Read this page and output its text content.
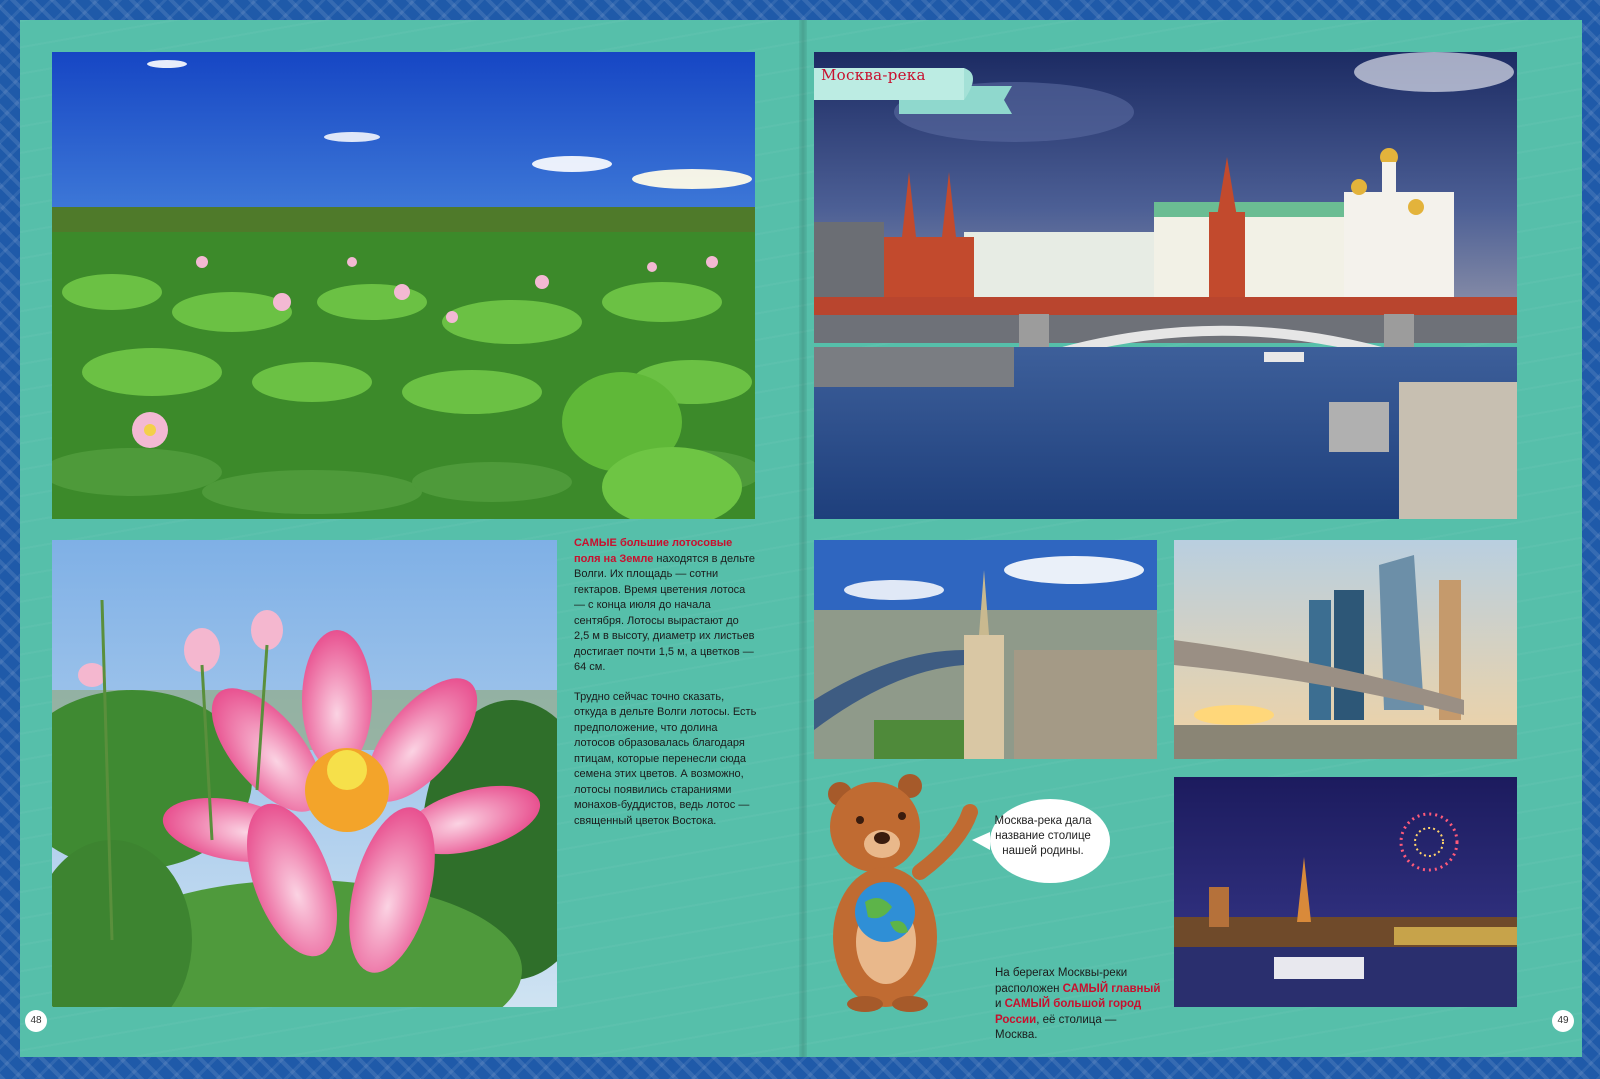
САМЫЕ большие лотосовые поля на Земле находятся в дельте Волги. Их площадь — сотни гектаров. Время цветения лотоса — с конца июля до начала сентября. Лотосы вырастают до 2,5 м в высоту, диаметр их листьев достигает почти 1,5 м, а цветков — 64 см.

Трудно сейчас точно сказать, откуда в дельте Волги лотосы. Есть предположение, что долина лотосов образовалась благодаря птицам, которые перенесли сюда семена этих цветов. А возможно, лотосы появились стараниями монахов-буддистов, ведь лотос — священный цветок Востока.

Москва-река
Москва-река дала название столице нашей родины.
На берегах Москвы-реки расположен САМЫЙ главный и САМЫЙ большой город России, её столица — Москва.
48	49
